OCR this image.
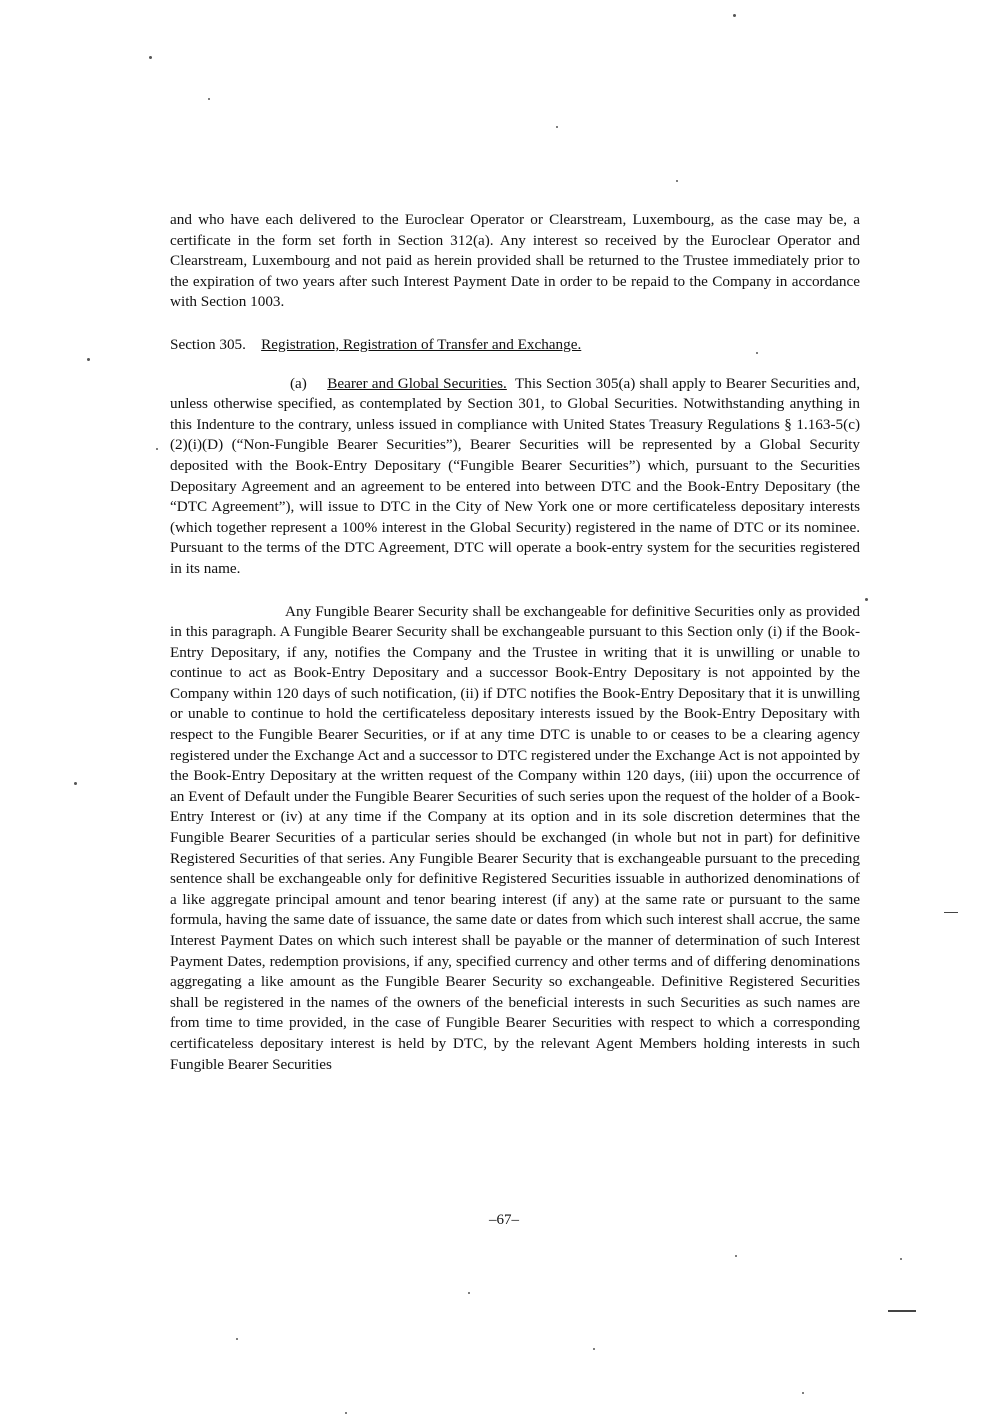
and who have each delivered to the Euroclear Operator or Clearstream, Luxembourg, as the case may be, a certificate in the form set forth in Section 312(a). Any interest so received by the Euroclear Operator and Clearstream, Luxembourg and not paid as herein provided shall be returned to the Trustee immediately prior to the expiration of two years after such Interest Payment Date in order to be repaid to the Company in accordance with Section 1003.

Section 305. Registration, Registration of Transfer and Exchange.

(a) Bearer and Global Securities. This Section 305(a) shall apply to Bearer Securities and, unless otherwise specified, as contemplated by Section 301, to Global Securities. Notwithstanding anything in this Indenture to the contrary, unless issued in compliance with United States Treasury Regulations § 1.163-5(c)(2)(i)(D) (“Non-Fungible Bearer Securities”), Bearer Securities will be represented by a Global Security deposited with the Book-Entry Depositary (“Fungible Bearer Securities”) which, pursuant to the Securities Depositary Agreement and an agreement to be entered into between DTC and the Book-Entry Depositary (the “DTC Agreement”), will issue to DTC in the City of New York one or more certificateless depositary interests (which together represent a 100% interest in the Global Security) registered in the name of DTC or its nominee. Pursuant to the terms of the DTC Agreement, DTC will operate a book-entry system for the securities registered in its name.

Any Fungible Bearer Security shall be exchangeable for definitive Securities only as provided in this paragraph. A Fungible Bearer Security shall be exchangeable pursuant to this Section only (i) if the Book-Entry Depositary, if any, notifies the Company and the Trustee in writing that it is unwilling or unable to continue to act as Book-Entry Depositary and a successor Book-Entry Depositary is not appointed by the Company within 120 days of such notification, (ii) if DTC notifies the Book-Entry Depositary that it is unwilling or unable to continue to hold the certificateless depositary interests issued by the Book-Entry Depositary with respect to the Fungible Bearer Securities, or if at any time DTC is unable to or ceases to be a clearing agency registered under the Exchange Act and a successor to DTC registered under the Exchange Act is not appointed by the Book-Entry Depositary at the written request of the Company within 120 days, (iii) upon the occurrence of an Event of Default under the Fungible Bearer Securities of such series upon the request of the holder of a Book-Entry Interest or (iv) at any time if the Company at its option and in its sole discretion determines that the Fungible Bearer Securities of a particular series should be exchanged (in whole but not in part) for definitive Registered Securities of that series. Any Fungible Bearer Security that is exchangeable pursuant to the preceding sentence shall be exchangeable only for definitive Registered Securities issuable in authorized denominations of a like aggregate principal amount and tenor bearing interest (if any) at the same rate or pursuant to the same formula, having the same date of issuance, the same date or dates from which such interest shall accrue, the same Interest Payment Dates on which such interest shall be payable or the manner of determination of such Interest Payment Dates, redemption provisions, if any, specified currency and other terms and of differing denominations aggregating a like amount as the Fungible Bearer Security so exchangeable. Definitive Registered Securities shall be registered in the names of the owners of the beneficial interests in such Securities as such names are from time to time provided, in the case of Fungible Bearer Securities with respect to which a corresponding certificateless depositary interest is held by DTC, by the relevant Agent Members holding interests in such Fungible Bearer Securities

–67–
